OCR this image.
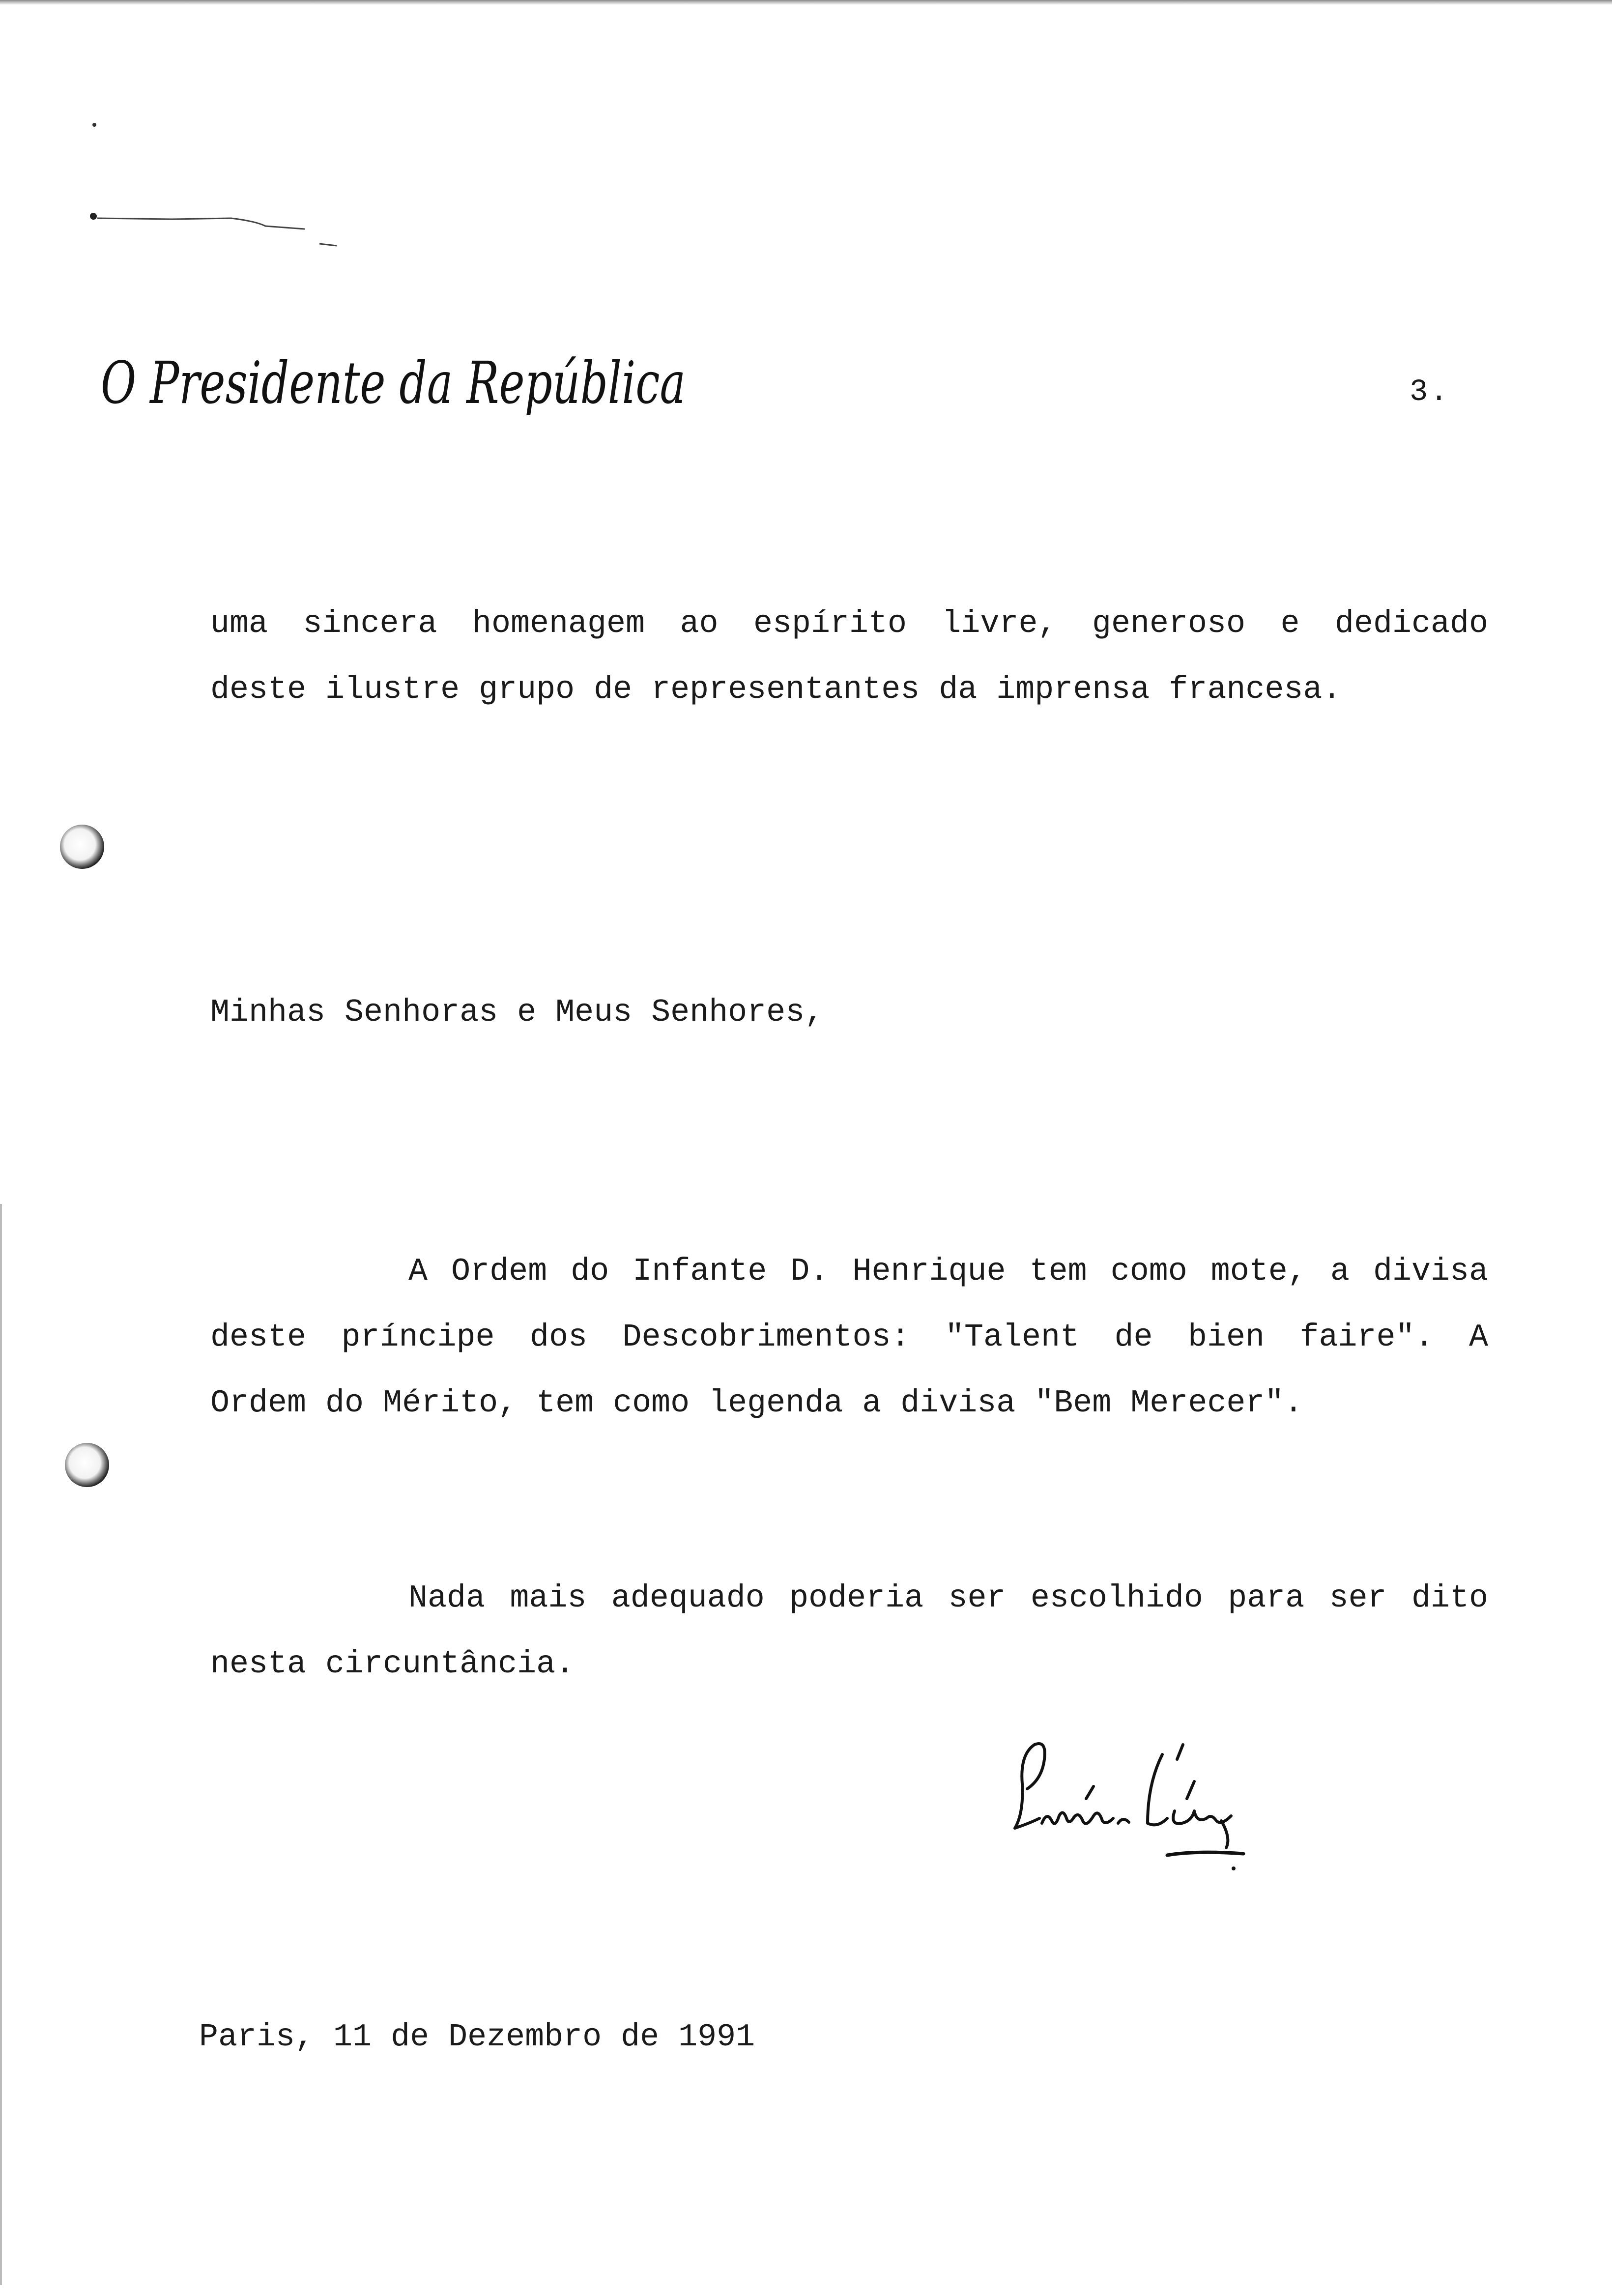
O Presidente da República	3.
uma sincera homenagem ao espírito livre, generoso e dedicado
deste ilustre grupo de representantes da imprensa francesa.
Minhas Senhoras e Meus Senhores,
A Ordem do Infante D. Henrique tem como mote, a divisa
deste príncipe dos Descobrimentos: "Talent de bien faire". A
Ordem do Mérito, tem como legenda a divisa "Bem Merecer".
Nada mais adequado poderia ser escolhido para ser dito
nesta circuntância.
Paris, 11 de Dezembro de 1991
